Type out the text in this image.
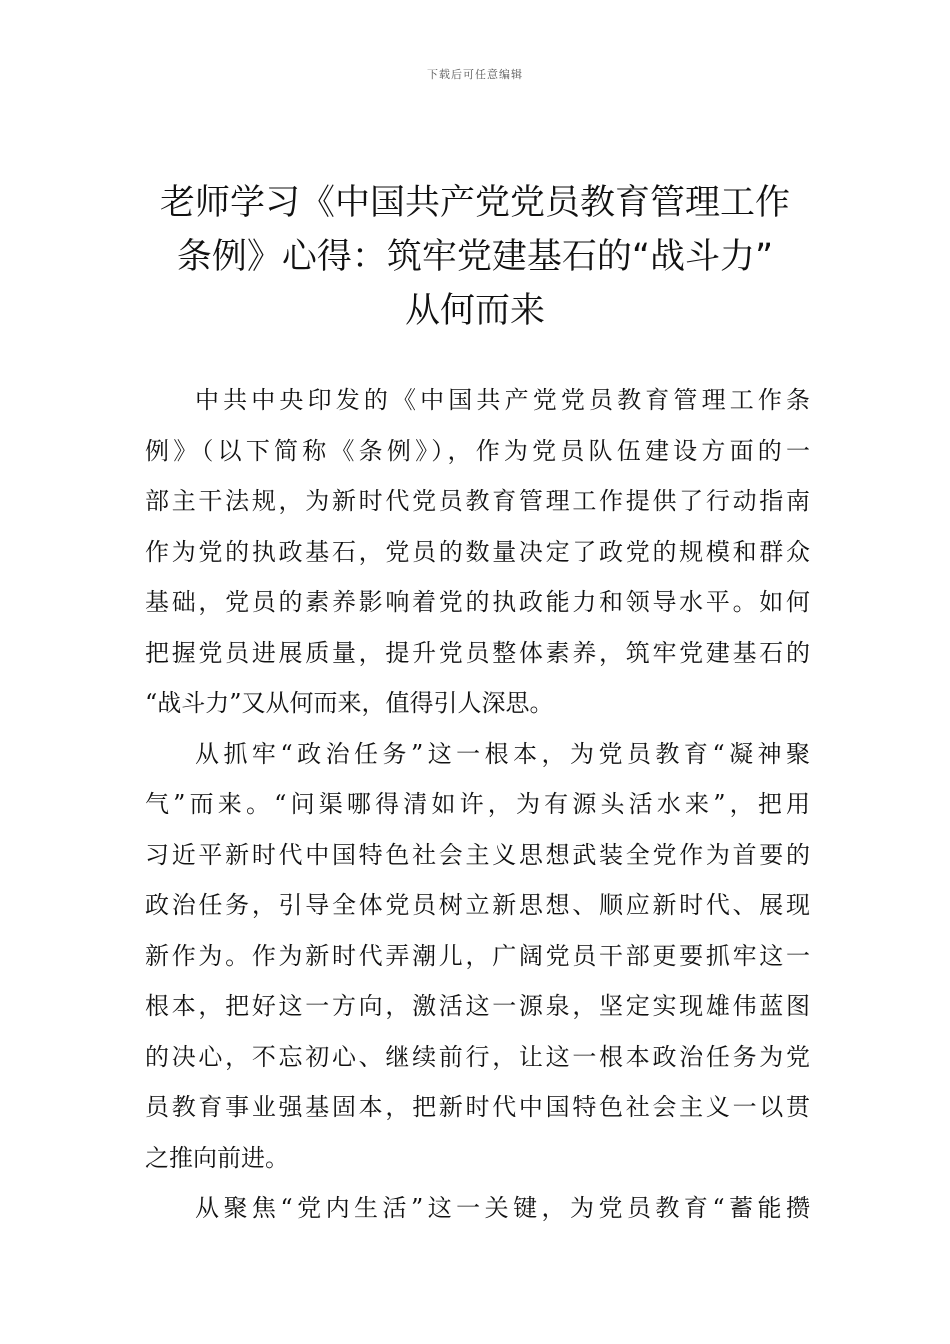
下载后可任意编辑
老师学习《中国共产党党员教育管理工作
条例》心得：筑牢党建基石的“战斗力”
从何而来
中共中央印发的《中国共产党党员教育管理工作条
例》（以下简称《条例》），作为党员队伍建设方面的一
部主干法规，为新时代党员教育管理工作提供了行动指南
作为党的执政基石，党员的数量决定了政党的规模和群众
基础，党员的素养影响着党的执政能力和领导水平。如何
把握党员进展质量，提升党员整体素养，筑牢党建基石的
“战斗力”又从何而来，值得引人深思。
从抓牢“政治任务”这一根本，为党员教育“凝神聚
气”而来。“问渠哪得清如许，为有源头活水来”，把用
习近平新时代中国特色社会主义思想武装全党作为首要的
政治任务，引导全体党员树立新思想、顺应新时代、展现
新作为。作为新时代弄潮儿，广阔党员干部更要抓牢这一
根本，把好这一方向，激活这一源泉，坚定实现雄伟蓝图
的决心，不忘初心、继续前行，让这一根本政治任务为党
员教育事业强基固本，把新时代中国特色社会主义一以贯
之推向前进。
从聚焦“党内生活”这一关键，为党员教育“蓄能攒
